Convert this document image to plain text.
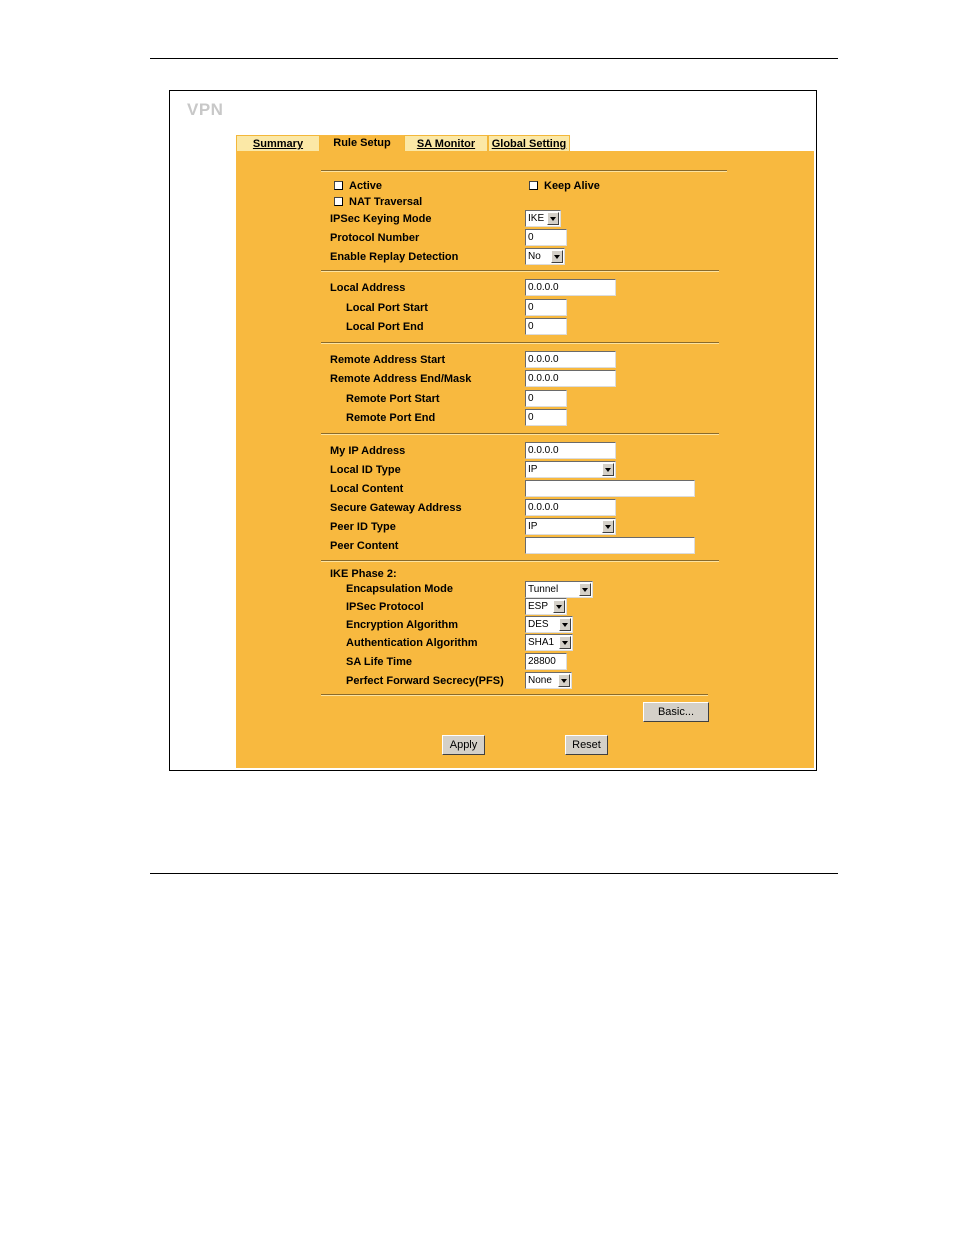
VPN
Summary	Rule Setup	SA Monitor	Global Setting
Active	Keep Alive
NAT Traversal
IPSec Keying Mode	IKE
Protocol Number	0
Enable Replay Detection	No
Local Address	0.0.0.0
Local Port Start	0
Local Port End	0
Remote Address Start	0.0.0.0
Remote Address End/Mask	0.0.0.0
Remote Port Start	0
Remote Port End	0
My IP Address	0.0.0.0
Local ID Type	IP
Local Content
Secure Gateway Address	0.0.0.0
Peer ID Type	IP
Peer Content
IKE Phase 2:
Encapsulation Mode	Tunnel
IPSec Protocol	ESP
Encryption Algorithm	DES
Authentication Algorithm	SHA1
SA Life Time	28800
Perfect Forward Secrecy(PFS)	None
Basic...
Apply	Reset
